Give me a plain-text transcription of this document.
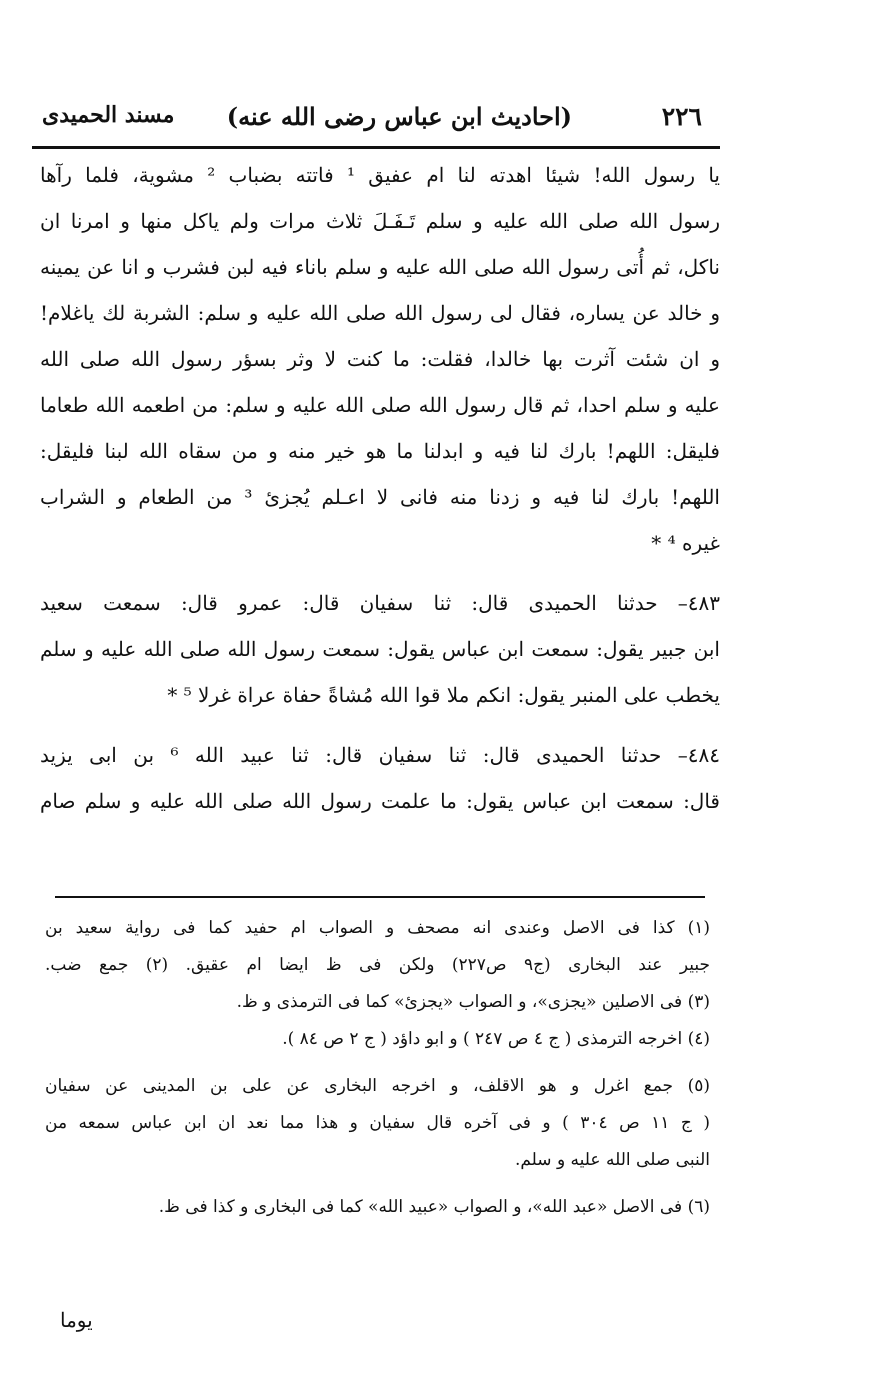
٢٢٦
(احاديث ابن عباس رضى الله عنه)
مسند الحميدى
يا رسول الله! شيئا اهدته لنا ام عفيق ¹ فاتته بضباب ² مشوية، فلما رآها
رسول الله صلى الله عليه و سلم تَـفَـلَ ثلاث مرات ولم ياكل منها و امرنا ان
ناكل، ثم أُتى رسول الله صلى الله عليه و سلم باناء فيه لبن فشرب و انا عن يمينه
و خالد عن يساره، فقال لى رسول الله صلى الله عليه و سلم: الشربة لك ياغلام!
و ان شئت آثرت بها خالدا، فقلت: ما كنت لا وثر بسؤر رسول الله صلى الله
عليه و سلم احدا، ثم قال رسول الله صلى الله عليه و سلم: من اطعمه الله طعاما
فليقل: اللهم! بارك لنا فيه و ابدلنا ما هو خير منه و من سقاه الله لبنا فليقل:
اللهم! بارك لنا فيه و زدنا منه فانى لا اعـلم يُجزئ ³ من الطعام و الشراب
غيره ⁴ *
٤٨٣– حدثنا الحميدى قال: ثنا سفيان قال: عمرو قال: سمعت سعيد
ابن جبير يقول: سمعت ابن عباس يقول: سمعت رسول الله صلى الله عليه و سلم
يخطب على المنبر يقول: انكم ملا قوا الله مُشاةً حفاة عراة غرلا ⁵ *
٤٨٤– حدثنا الحميدى قال: ثنا سفيان قال: ثنا عبيد الله ⁶ بن ابى يزيد
قال: سمعت ابن عباس يقول: ما علمت رسول الله صلى الله عليه و سلم صام
(١) كذا فى الاصل وعندى انه مصحف و الصواب ام حفيد كما فى رواية سعيد بن
جبير عند البخارى (ج٩ ص٢٢٧) ولكن فى ظ ايضا ام عقيق. (٢) جمع ضب.
(٣) فى الاصلين «يجزى»، و الصواب «يجزئ» كما فى الترمذى و ظ.
(٤) اخرجه الترمذى ( ج ٤ ص ٢٤٧ ) و ابو داؤد ( ج ٢ ص ٨٤ ).
(٥) جمع اغرل و هو الاقلف، و اخرجه البخارى عن على بن المدينى عن سفيان
( ج ١١ ص ٣٠٤ ) و فى آخره قال سفيان و هذا مما نعد ان ابن عباس سمعه من
النبى صلى الله عليه و سلم.
(٦) فى الاصل «عبد الله»، و الصواب «عبيد الله» كما فى البخارى و كذا فى ظ.
يوما
